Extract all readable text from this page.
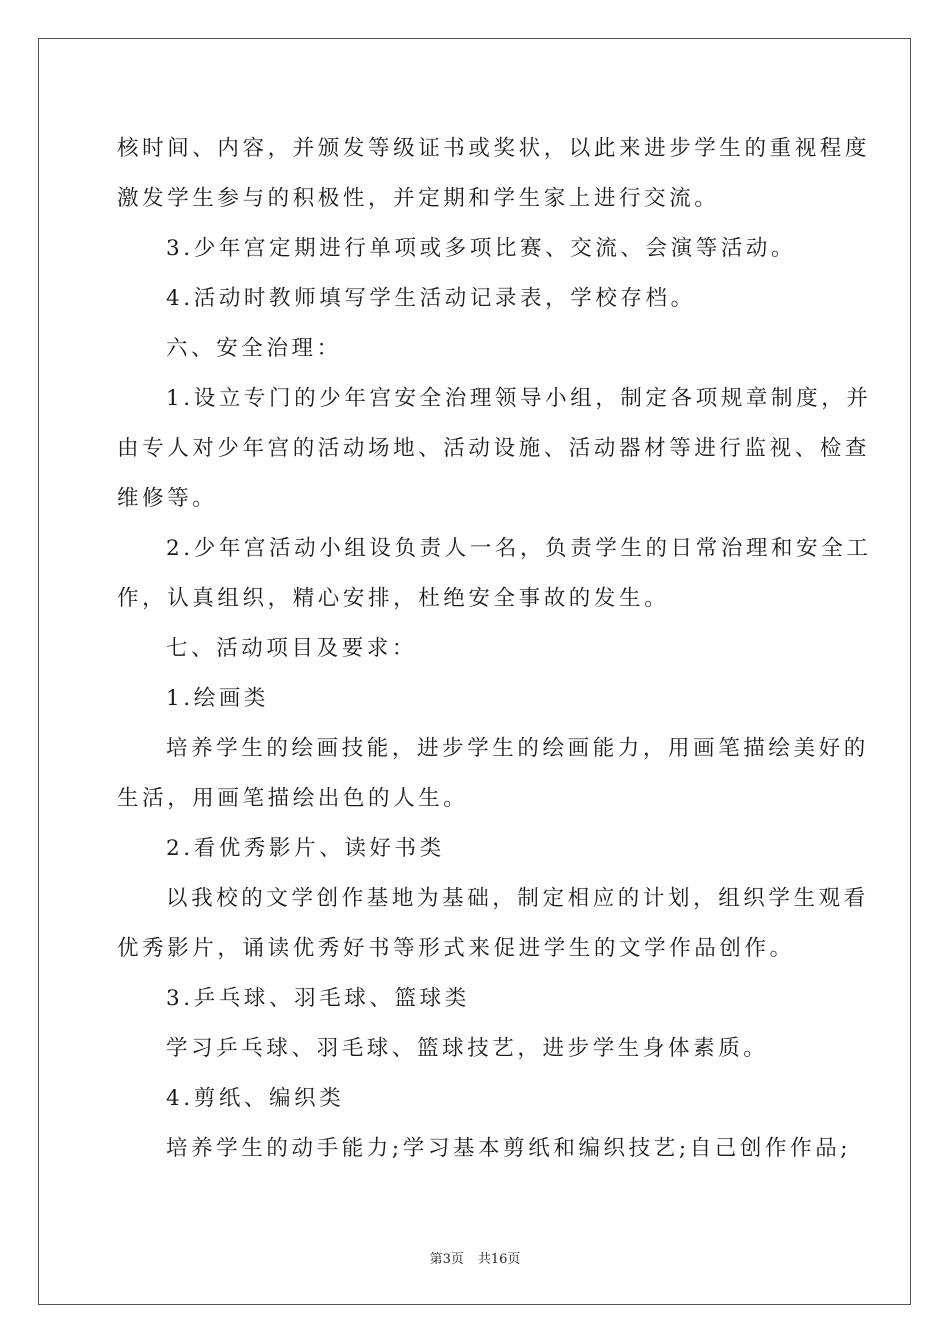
核时间、内容，并颁发等级证书或奖状，以此来进步学生的重视程度

激发学生参与的积极性，并定期和学生家上进行交流。

3.少年宫定期进行单项或多项比赛、交流、会演等活动。

4.活动时教师填写学生活动记录表，学校存档。

六、安全治理：

1.设立专门的少年宫安全治理领导小组，制定各项规章制度，并

由专人对少年宫的活动场地、活动设施、活动器材等进行监视、检查

维修等。

2.少年宫活动小组设负责人一名，负责学生的日常治理和安全工

作，认真组织，精心安排，杜绝安全事故的发生。

七、活动项目及要求：

1.绘画类

培养学生的绘画技能，进步学生的绘画能力，用画笔描绘美好的

生活，用画笔描绘出色的人生。

2.看优秀影片、读好书类

以我校的文学创作基地为基础，制定相应的计划，组织学生观看

优秀影片，诵读优秀好书等形式来促进学生的文学作品创作。

3.乒乓球、羽毛球、篮球类

学习乒乓球、羽毛球、篮球技艺，进步学生身体素质。

4.剪纸、编织类

培养学生的动手能力;学习基本剪纸和编织技艺;自己创作作品;

第3页 共16页
